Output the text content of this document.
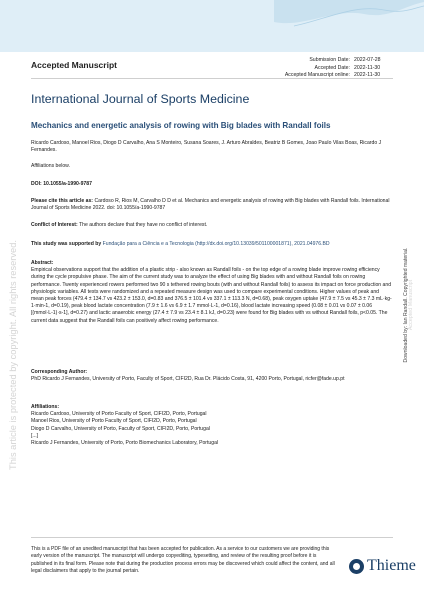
Accepted Manuscript	Submission Date: 2022-07-28
Accepted Date: 2022-11-30
Accepted Manuscript online: 2022-11-30
International Journal of Sports Medicine
Mechanics and energetic analysis of rowing with Big blades with Randall foils
Ricardo Cardoso, Manoel Rios, Diogo D Carvalho, Ana S Monteiro, Susana Soares, J. Arturo Abraldes, Beatriz B Gomes, Joao Paulo Vilas Boas, Ricardo J Fernandes.
Affiliations below.
DOI: 10.1055/a-1990-9787
Please cite this article as: Cardoso R, Rios M, Carvalho D D et al. Mechanics and energetic analysis of rowing with Big blades with Randall foils. International Journal of Sports Medicine 2022. doi: 10.1055/a-1990-9787
Conflict of Interest: The authors declare that they have no conflict of interest.
This study was supported by Fundação para a Ciência e a Tecnologia (http://dx.doi.org/10.13039/501100001871), 2021.04976.BD
Abstract:
Empirical observations support that the addition of a plastic strip - also known as Randall foils - on the top edge of a rowing blade improve rowing efficiency during the cycle propulsive phase. The aim of the current study was to analyze the effect of using Big blades with and without Randall foils on rowing performance. Twenty experienced rowers performed two 90 s tethered rowing bouts (with and without Randall foils) to assess its impact on force production and physiologic variables. All tests were randomized and a repeated measure design was used to compare experimental conditions. Higher values of peak and mean peak forces (479.4 ± 134.7 vs 423.2 ± 153.0, d=0.83 and 376.5 ± 101.4 vs 337.1 ± 113.3 N, d=0.68), peak oxygen uptake (47.9 ± 7.5 vs 45.3 ± 7.3 mL·kg-1·min-1, d=0.19), peak blood lactate concentration (7.9 ± 1.6 vs 6.9 ± 1.7 mmol·L-1, d=0.16), blood lactate increasing speed (0.08 ± 0.01 vs 0.07 ± 0.06 [(mmol·L-1)·s-1], d=0.27) and lactic anaerobic energy (27.4 ± 7.9 vs 23.4 ± 8.1 kJ, d=0.23) were found for Big blades with vs without Randall foils, p<0.05. The current data suggest that the Randall foils can positively affect rowing performance.
Corresponding Author:
PhD Ricardo J Fernandes, University of Porto, Faculty of Sport, CIFI2D, Rua Dr. Plácido Costa, 91, 4200 Porto, Portugal, ricfer@fade.up.pt
Affiliations:
Ricardo Cardoso, University of Porto Faculty of Sport, CIFI2D, Porto, Portugal
Manoel Rios, University of Porto Faculty of Sport, CIFI2D, Porto, Portugal
Diogo D Carvalho, University of Porto, Faculty of Sport, CIFI2D, Porto, Portugal
[...]
Ricardo J Fernandes, University of Porto, Porto Biomechanics Laboratory, Portugal
This is a PDF file of an unedited manuscript that has been accepted for publication. As a service to our customers we are providing this early version of the manuscript. The manuscript will undergo copyediting, typesetting, and review of the resulting proof before it is published in its final form. Please note that during the production process errors may be discovered which could affect the content, and all legal disclaimers that apply to the journal pertain.	Thieme
This article is protected by copyright. All rights reserved.	Downloaded by: Ian Randall. Copyrighted material. Accepted Manuscript
